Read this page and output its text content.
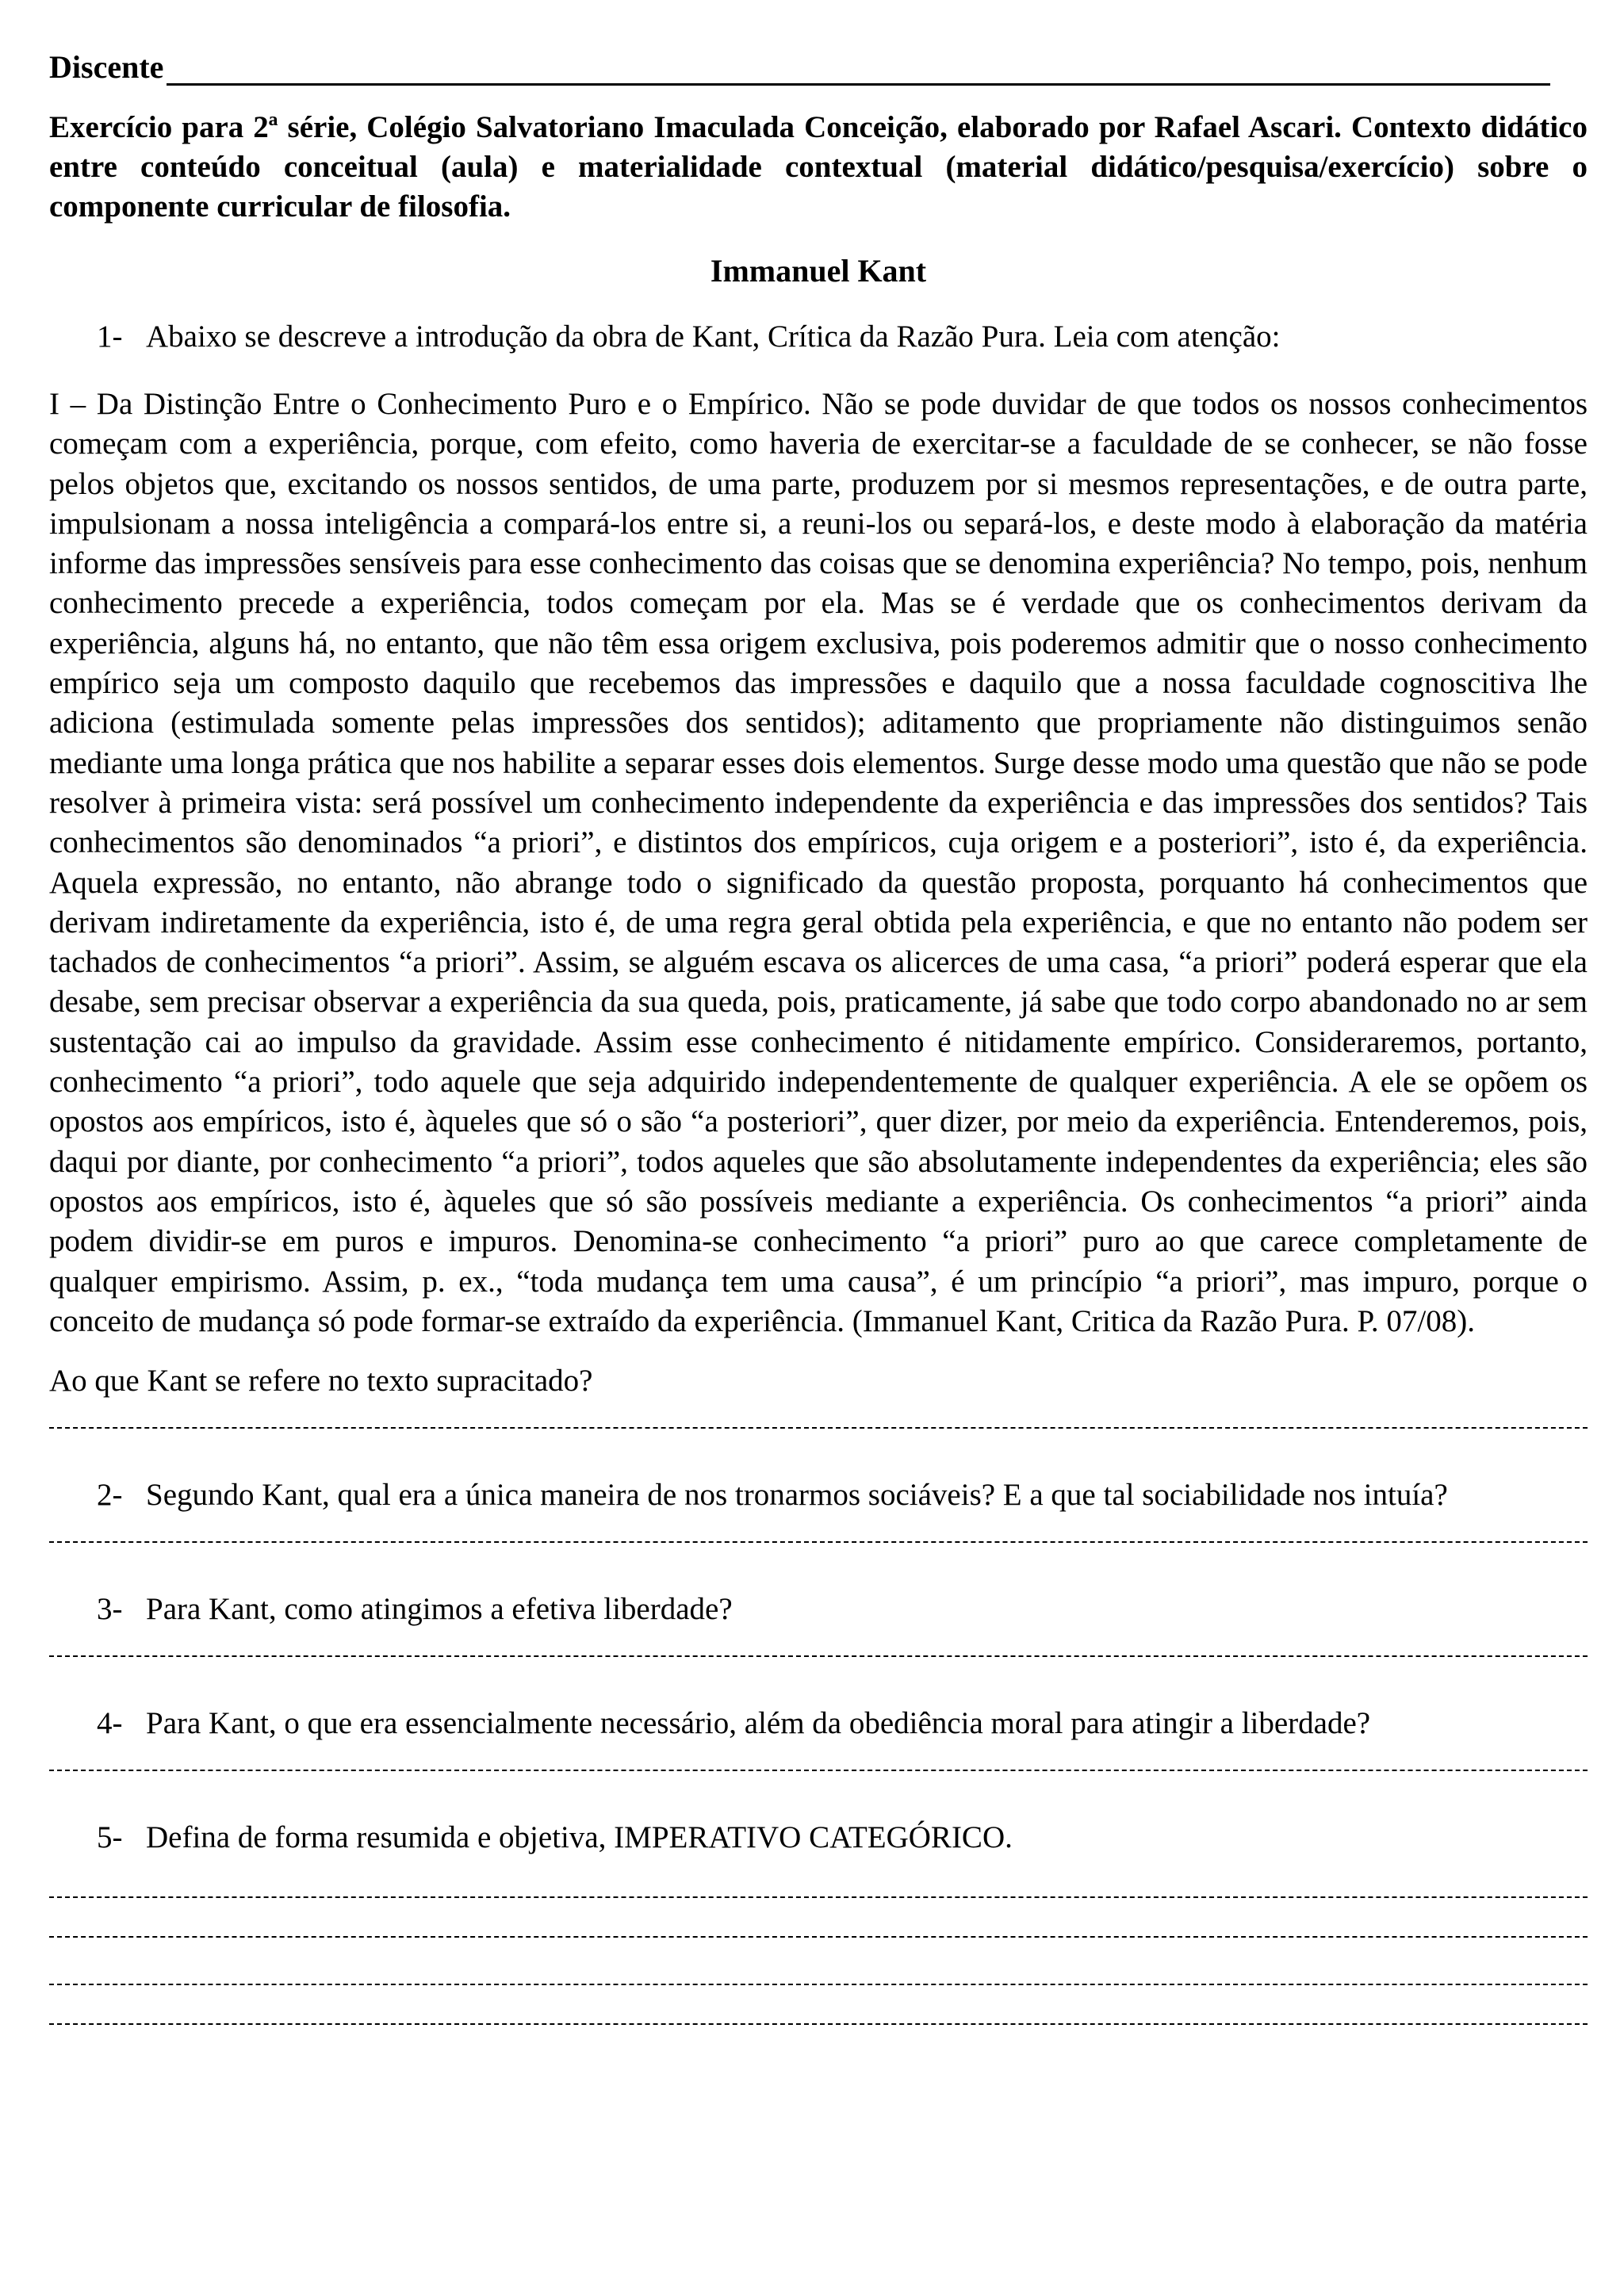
Discente
Exercício para 2ª série, Colégio Salvatoriano Imaculada Conceição, elaborado por Rafael Ascari. Contexto didático entre conteúdo conceitual (aula) e materialidade contextual (material didático/pesquisa/exercício) sobre o componente curricular de filosofia.
Immanuel Kant
1- Abaixo se descreve a introdução da obra de Kant, Crítica da Razão Pura. Leia com atenção:
I – Da Distinção Entre o Conhecimento Puro e o Empírico. Não se pode duvidar de que todos os nossos conhecimentos começam com a experiência, porque, com efeito, como haveria de exercitar-se a faculdade de se conhecer, se não fosse pelos objetos que, excitando os nossos sentidos, de uma parte, produzem por si mesmos representações, e de outra parte, impulsionam a nossa inteligência a compará-los entre si, a reuni-los ou separá-los, e deste modo à elaboração da matéria informe das impressões sensíveis para esse conhecimento das coisas que se denomina experiência? No tempo, pois, nenhum conhecimento precede a experiência, todos começam por ela. Mas se é verdade que os conhecimentos derivam da experiência, alguns há, no entanto, que não têm essa origem exclusiva, pois poderemos admitir que o nosso conhecimento empírico seja um composto daquilo que recebemos das impressões e daquilo que a nossa faculdade cognoscitiva lhe adiciona (estimulada somente pelas impressões dos sentidos); aditamento que propriamente não distinguimos senão mediante uma longa prática que nos habilite a separar esses dois elementos. Surge desse modo uma questão que não se pode resolver à primeira vista: será possível um conhecimento independente da experiência e das impressões dos sentidos? Tais conhecimentos são denominados “a priori”, e distintos dos empíricos, cuja origem e a posteriori”, isto é, da experiência. Aquela expressão, no entanto, não abrange todo o significado da questão proposta, porquanto há conhecimentos que derivam indiretamente da experiência, isto é, de uma regra geral obtida pela experiência, e que no entanto não podem ser tachados de conhecimentos “a priori”. Assim, se alguém escava os alicerces de uma casa, “a priori” poderá esperar que ela desabe, sem precisar observar a experiência da sua queda, pois, praticamente, já sabe que todo corpo abandonado no ar sem sustentação cai ao impulso da gravidade. Assim esse conhecimento é nitidamente empírico. Consideraremos, portanto, conhecimento “a priori”, todo aquele que seja adquirido independentemente de qualquer experiência. A ele se opõem os opostos aos empíricos, isto é, àqueles que só o são “a posteriori”, quer dizer, por meio da experiência. Entenderemos, pois, daqui por diante, por conhecimento “a priori”, todos aqueles que são absolutamente independentes da experiência; eles são opostos aos empíricos, isto é, àqueles que só são possíveis mediante a experiência. Os conhecimentos “a priori” ainda podem dividir-se em puros e impuros. Denomina-se conhecimento “a priori” puro ao que carece completamente de qualquer empirismo. Assim, p. ex., “toda mudança tem uma causa”, é um princípio “a priori”, mas impuro, porque o conceito de mudança só pode formar-se extraído da experiência. (Immanuel Kant, Critica da Razão Pura. P. 07/08).
Ao que Kant se refere no texto supracitado?
2- Segundo Kant, qual era a única maneira de nos tronarmos sociáveis? E a que tal sociabilidade nos intuía?
3- Para Kant, como atingimos a efetiva liberdade?
4- Para Kant, o que era essencialmente necessário, além da obediência moral para atingir a liberdade?
5- Defina de forma resumida e objetiva, IMPERATIVO CATEGÓRICO.
